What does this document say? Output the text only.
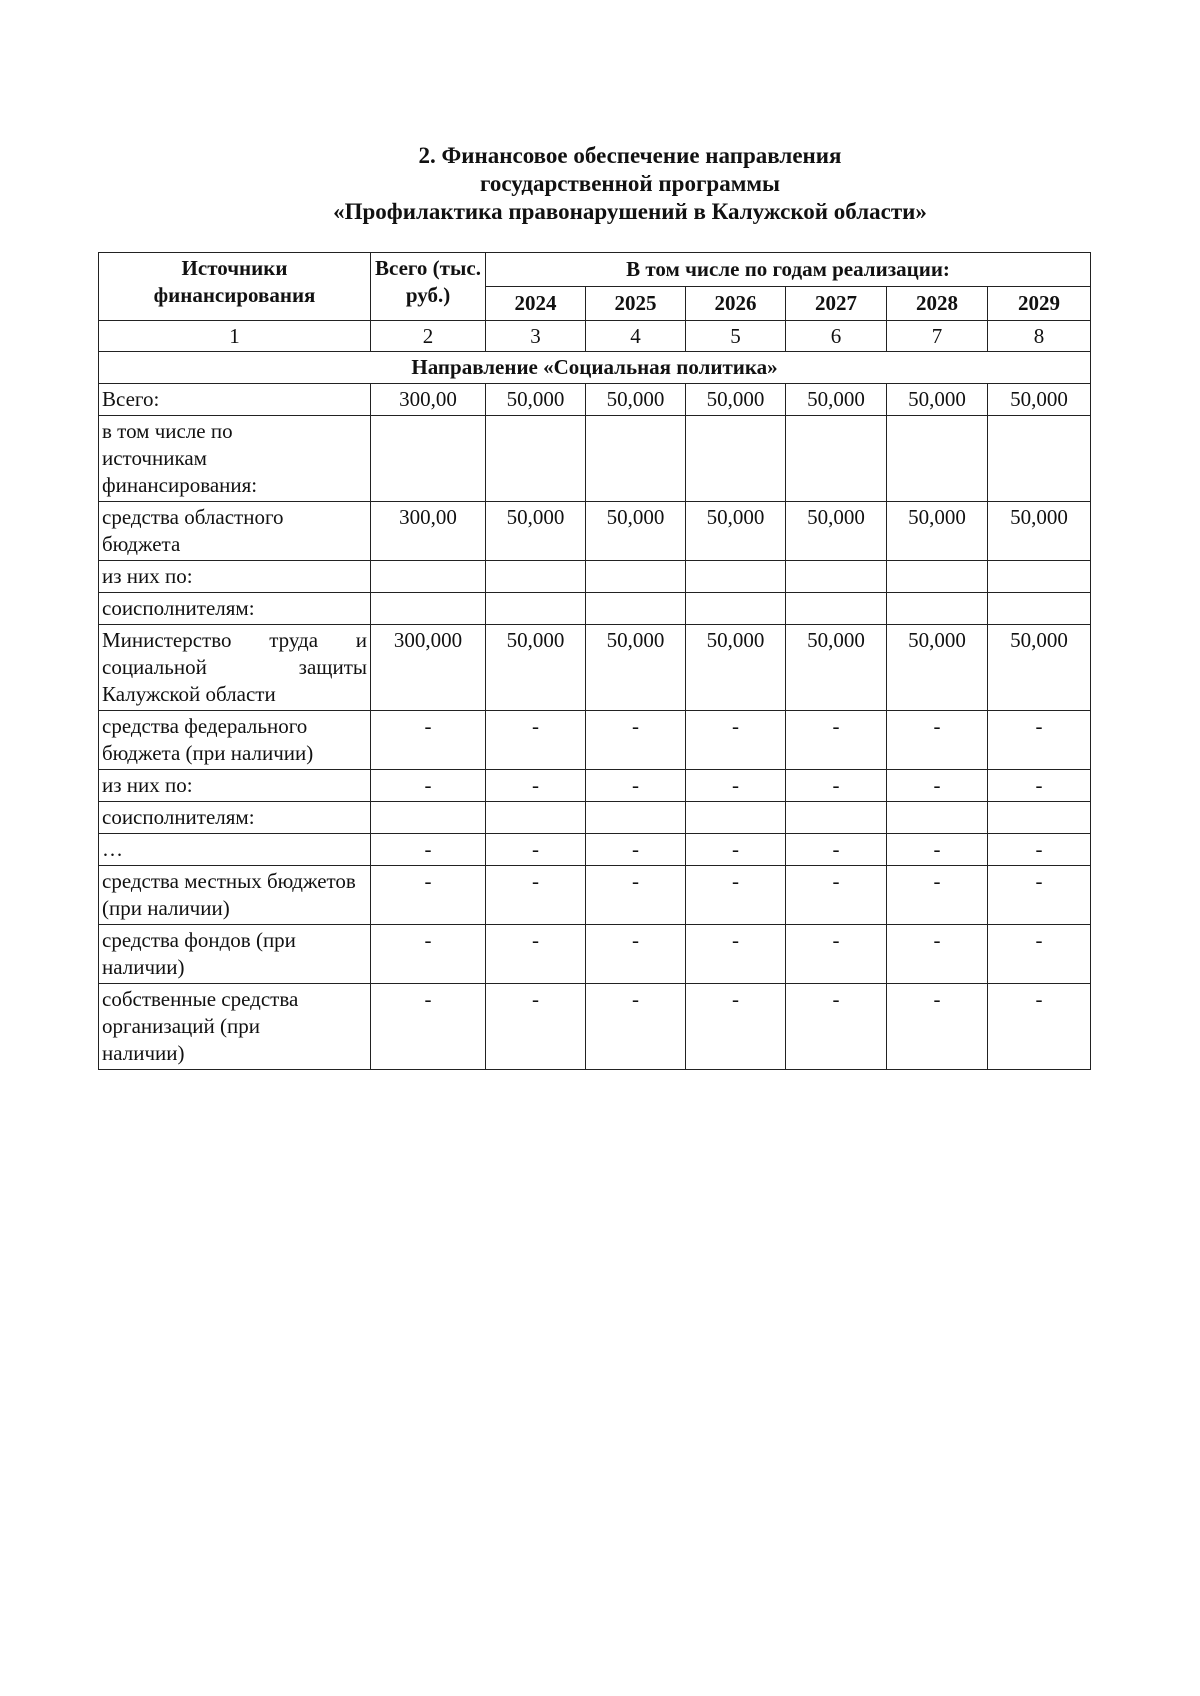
2. Финансовое обеспечение направления
государственной программы
«Профилактика правонарушений в Калужской области»
Источники финансирования	Всего (тыс. руб.)	В том числе по годам реализации:					
		2024	2025	2026	2027	2028	2029
1	2	3	4	5	6	7	8
Направление «Социальная политика»							
Всего:	300,00	50,000	50,000	50,000	50,000	50,000	50,000

в том числе по источникам финансирования:							

средства областного бюджета	300,00	50,000	50,000	50,000	50,000	50,000	50,000
из них по:							
соисполнителям:							

Министерство труда и социальной защиты Калужской области	300,000	50,000	50,000	50,000	50,000	50,000	50,000
средства федерального бюджета (при наличии)	-	-	-	-	-	-	-
из них по:	-	-	-	-	-	-	-
соисполнителям:							
…	-	-	-	-	-	-	-
средства местных бюджетов (при наличии)	-	-	-	-	-	-	-

средства фондов (при наличии)	-	-	-	-	-	-	-

собственные средства организаций (при наличии)	-	-	-	-	-	-	-
